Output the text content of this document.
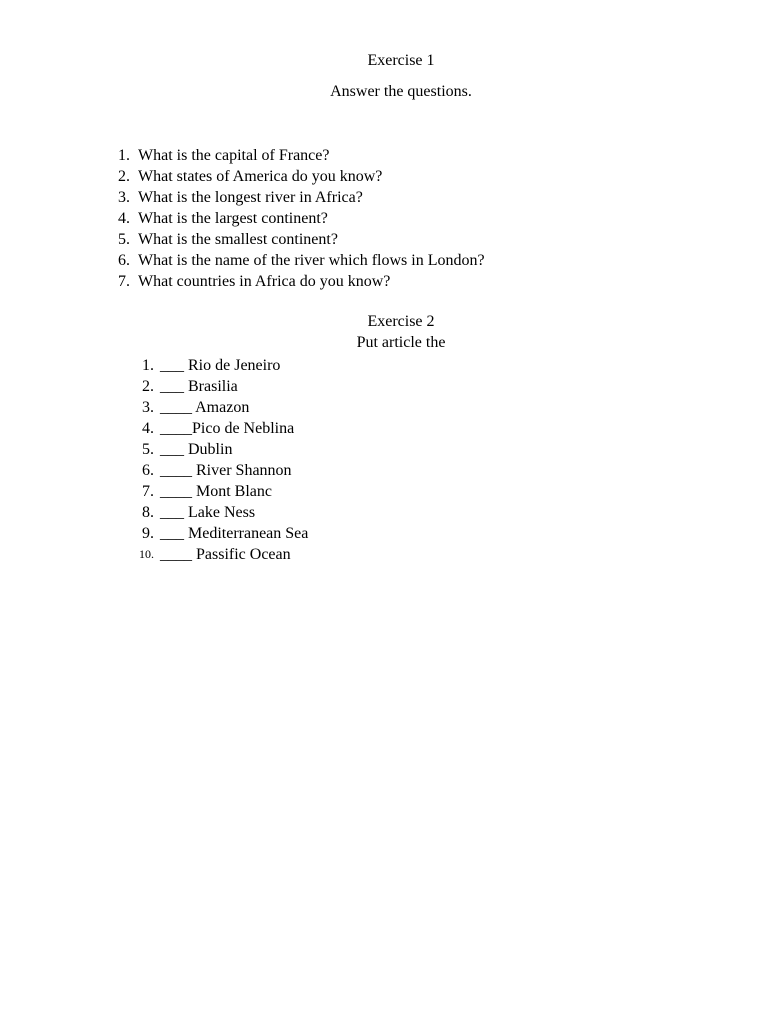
Exercise 1
Answer the questions.
1. What is the capital of France?
2. What states of America do you know?
3. What is the longest river in Africa?
4. What is the largest continent?
5. What is the smallest continent?
6. What is the name of the river which flows in London?
7. What countries in Africa do you know?
Exercise 2
Put article the
1. ___ Rio de Jeneiro
2. ___ Brasilia
3. ____ Amazon
4. ____Pico de Neblina
5. ___ Dublin
6. ____ River Shannon
7. ____ Mont Blanc
8. ___ Lake Ness
9. ___ Mediterranean Sea
10. ____ Passific Ocean
